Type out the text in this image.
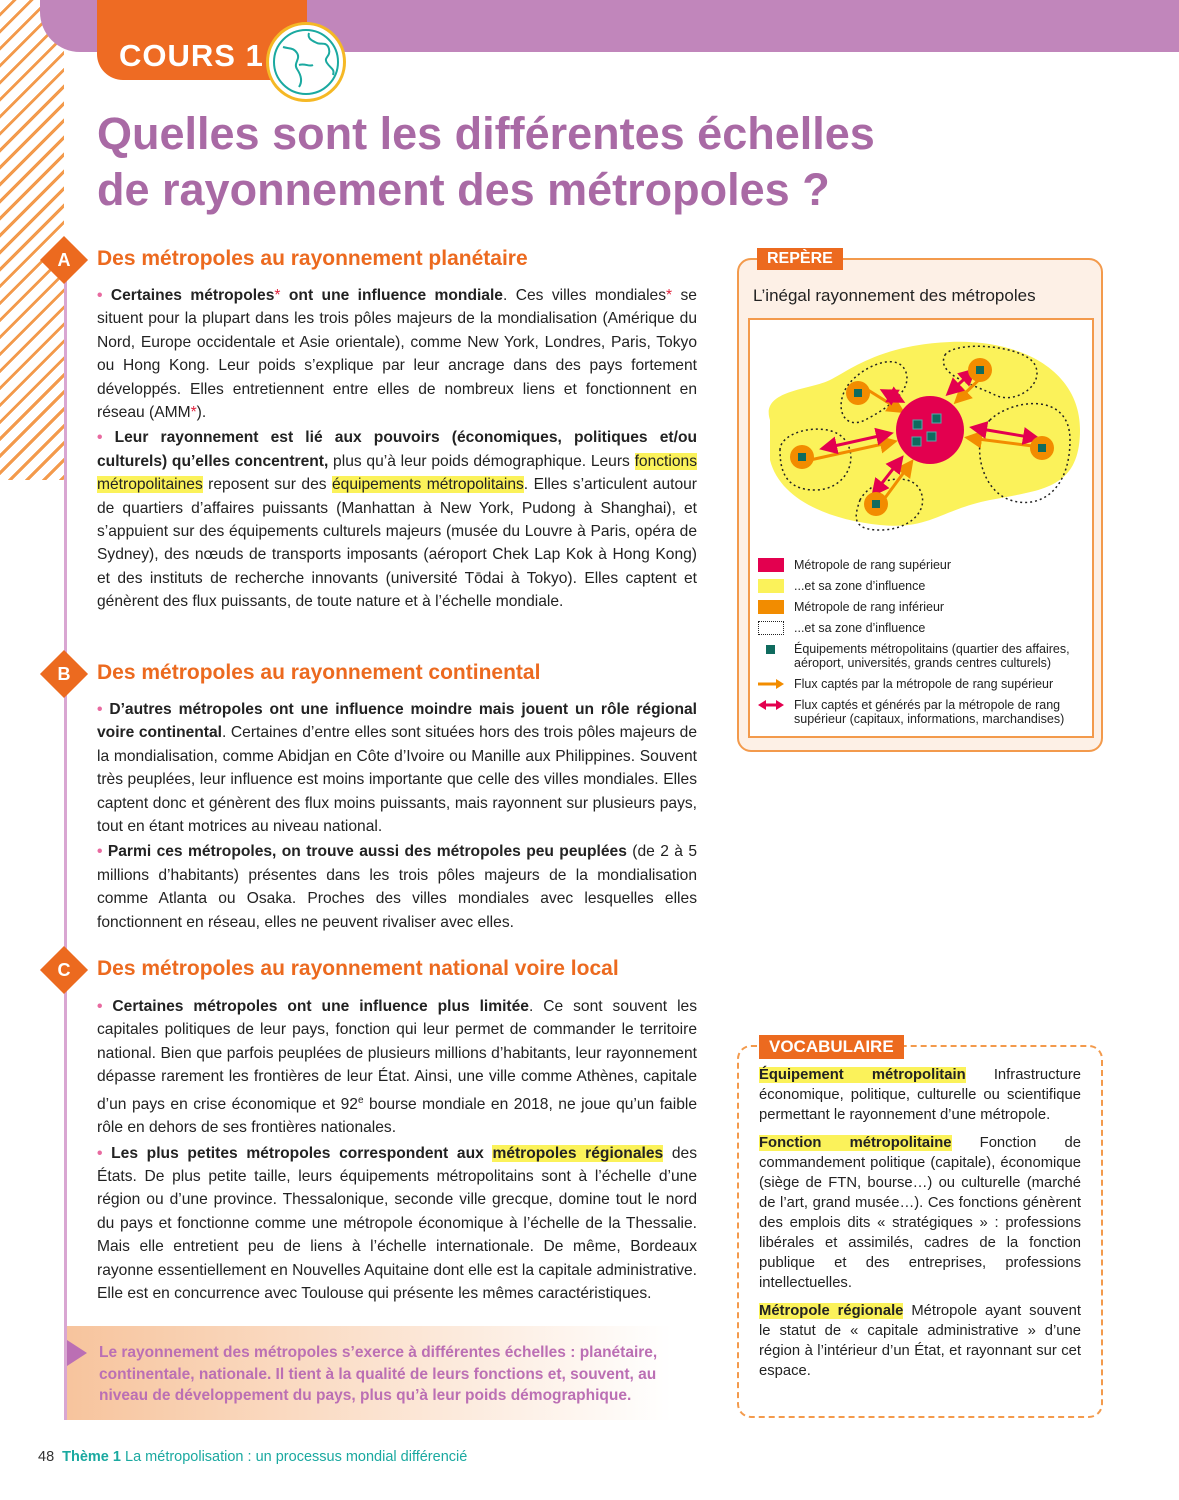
COURS 1
Quelles sont les différentes échelles
de rayonnement des métropoles ?
A	Des métropoles au rayonnement planétaire

• Certaines métropoles* ont une influence mondiale. Ces villes mondiales* se situent pour la plupart dans les trois pôles majeurs de la mondialisation (Amérique du Nord, Europe occidentale et Asie orientale), comme New York, Londres, Paris, Tokyo ou Hong Kong. Leur poids s’explique par leur ancrage dans des pays fortement développés. Elles entretiennent entre elles de nombreux liens et fonctionnent en réseau (AMM*).

• Leur rayonnement est lié aux pouvoirs (économiques, politiques et/ou culturels) qu’elles concentrent, plus qu’à leur poids démographique. Leurs fonctions métropolitaines reposent sur des équipements métropolitains. Elles s’articulent autour de quartiers d’affaires puissants (Manhattan à New York, Pudong à Shanghai), et s’appuient sur des équipements culturels majeurs (musée du Louvre à Paris, opéra de Sydney), des nœuds de transports imposants (aéroport Chek Lap Kok à Hong Kong) et des instituts de recherche innovants (université Tōdai à Tokyo). Elles captent et génèrent des flux puissants, de toute nature et à l’échelle mondiale.

B	Des métropoles au rayonnement continental

• D’autres métropoles ont une influence moindre mais jouent un rôle régional voire continental. Certaines d’entre elles sont situées hors des trois pôles majeurs de la mondialisation, comme Abidjan en Côte d’Ivoire ou Manille aux Philippines. Souvent très peuplées, leur influence est moins importante que celle des villes mondiales. Elles captent donc et génèrent des flux moins puissants, mais rayonnent sur plusieurs pays, tout en étant motrices au niveau national.

• Parmi ces métropoles, on trouve aussi des métropoles peu peuplées (de 2 à 5 millions d’habitants) présentes dans les trois pôles majeurs de la mondialisation comme Atlanta ou Osaka. Proches des villes mondiales avec lesquelles elles fonctionnent en réseau, elles ne peuvent rivaliser avec elles.

C	Des métropoles au rayonnement national voire local

• Certaines métropoles ont une influence plus limitée. Ce sont souvent les capitales politiques de leur pays, fonction qui leur permet de commander le territoire national. Bien que parfois peuplées de plusieurs millions d’habitants, leur rayonnement dépasse rarement les frontières de leur État. Ainsi, une ville comme Athènes, capitale d’un pays en crise économique et 92e bourse mondiale en 2018, ne joue qu’un faible rôle en dehors de ses frontières nationales.

• Les plus petites métropoles correspondent aux métropoles régionales des États. De plus petite taille, leurs équipements métropolitains sont à l’échelle d’une région ou d’une province. Thessalonique, seconde ville grecque, domine tout le nord du pays et fonctionne comme une métropole économique à l’échelle de la Thessalie. Mais elle entretient peu de liens à l’échelle internationale. De même, Bordeaux rayonne essentiellement en Nouvelles Aquitaine dont elle est la capitale administrative. Elle est en concurrence avec Toulouse qui présente les mêmes caractéristiques.

Le rayonnement des métropoles s’exerce à différentes échelles : planétaire, continentale, nationale. Il tient à la qualité de leurs fonctions et, souvent, au niveau de développement du pays, plus qu’à leur poids démographique.
48 Thème 1 La métropolisation : un processus mondial différencié
REPÈRE
L’inégal rayonnement des métropoles
Métropole de rang supérieur
...et sa zone d’influence
Métropole de rang inférieur
...et sa zone d’influence
Équipements métropolitains (quartier des affaires, aéroport, universités, grands centres culturels)
Flux captés par la métropole de rang supérieur
Flux captés et générés par la métropole de rang supérieur (capitaux, informations, marchandises)
VOCABULAIRE

Équipement métropolitain Infrastructure économique, politique, culturelle ou scientifique permettant le rayonnement d’une métropole.

Fonction métropolitaine Fonction de commandement politique (capitale), économique (siège de FTN, bourse…) ou culturelle (marché de l’art, grand musée…). Ces fonctions génèrent des emplois dits « stratégiques » : professions libérales et assimilés, cadres de la fonction publique et des entreprises, professions intellectuelles.

Métropole régionale Métropole ayant souvent le statut de « capitale administrative » d’une région à l’intérieur d’un État, et rayonnant sur cet espace.
